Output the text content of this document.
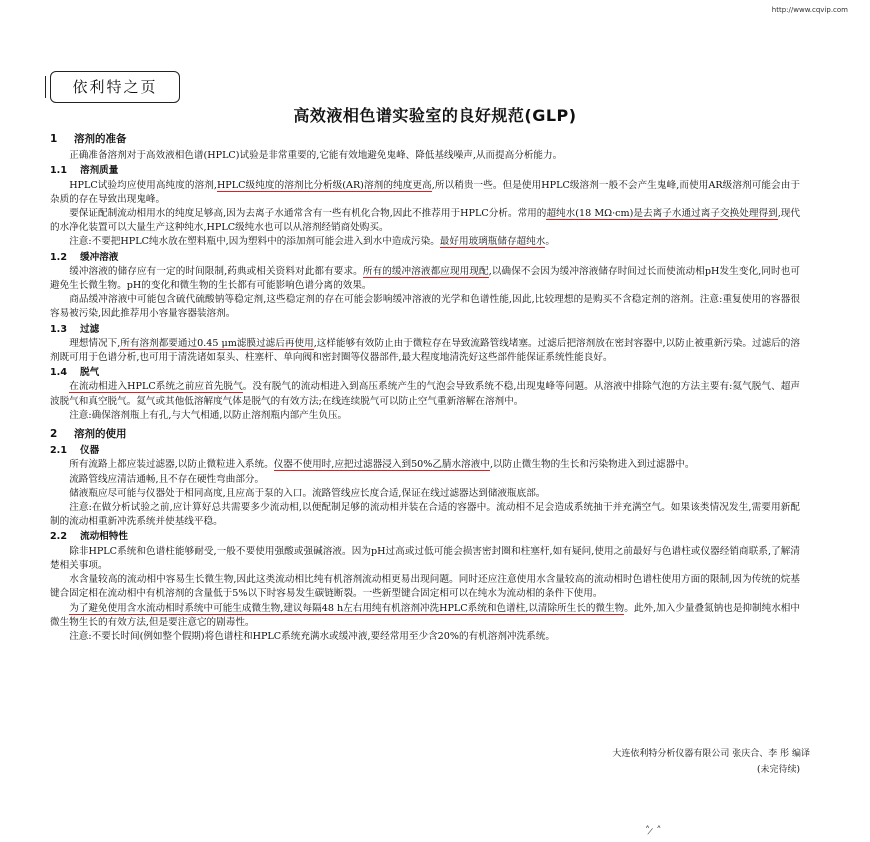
http://www.cqvip.com
依利特之页
高效液相色谱实验室的良好规范(GLP)
1 溶剂的准备
正确准备溶剂对于高效液相色谱(HPLC)试验是非常重要的,它能有效地避免鬼峰、降低基线噪声,从而提高分析能力。
1.1 溶剂质量
HPLC试验均应使用高纯度的溶剂,HPLC级纯度的溶剂比分析级(AR)溶剂的纯度更高,所以稍贵一些。但是使用HPLC级溶剂一般不会产生鬼峰,而使用AR级溶剂可能会由于杂质的存在导致出现鬼峰。
要保证配制流动相用水的纯度足够高,因为去离子水通常含有一些有机化合物,因此不推荐用于HPLC分析。常用的超纯水(18 MΩ·cm)是去离子水通过离子交换处理得到,现代的水净化装置可以大量生产这种纯水,HPLC级纯水也可以从溶剂经销商处购买。
注意:不要把HPLC纯水放在塑料瓶中,因为塑料中的添加剂可能会进入到水中造成污染。最好用玻璃瓶储存超纯水。
1.2 缓冲溶液
缓冲溶液的储存应有一定的时间限制,药典或相关资料对此都有要求。所有的缓冲溶液都应现用现配,以确保不会因为缓冲溶液储存时间过长而使流动相pH发生变化,同时也可避免生长微生物。pH的变化和微生物的生长都有可能影响色谱分离的效果。
商品缓冲溶液中可能包含硫代硫酸钠等稳定剂,这些稳定剂的存在可能会影响缓冲溶液的光学和色谱性能,因此,比较理想的是购买不含稳定剂的溶剂。注意:重复使用的容器很容易被污染,因此推荐用小容量容器装溶剂。
1.3 过滤
理想情况下,所有溶剂都要通过0.45 μm滤膜过滤后再使用,这样能够有效防止由于微粒存在导致流路管线堵塞。过滤后把溶剂放在密封容器中,以防止被重新污染。过滤后的溶剂既可用于色谱分析,也可用于清洗诸如泵头、柱塞杆、单向阀和密封圈等仪器部件,最大程度地清洗好这些部件能保证系统性能良好。
1.4 脱气
在流动相进入HPLC系统之前应首先脱气。没有脱气的流动相进入到高压系统产生的气泡会导致系统不稳,出现鬼峰等问题。从溶液中排除气泡的方法主要有:氦气脱气、超声波脱气和真空脱气。氦气或其他低溶解度气体是脱气的有效方法;在线连续脱气可以防止空气重新溶解在溶剂中。
注意:确保溶剂瓶上有孔,与大气相通,以防止溶剂瓶内部产生负压。
2 溶剂的使用
2.1 仪器
所有流路上都应装过滤器,以防止微粒进入系统。仪器不使用时,应把过滤器浸入到50%乙腈水溶液中,以防止微生物的生长和污染物进入到过滤器中。
流路管线应清洁通畅,且不存在硬性弯曲部分。
储液瓶应尽可能与仪器处于相同高度,且应高于泵的入口。流路管线应长度合适,保证在线过滤器达到储液瓶底部。
注意:在做分析试验之前,应计算好总共需要多少流动相,以便配制足够的流动相并装在合适的容器中。流动相不足会造成系统抽干并充满空气。如果该类情况发生,需要用新配制的流动相重新冲洗系统并使基线平稳。
2.2 流动相特性
除非HPLC系统和色谱柱能够耐受,一般不要使用强酸或强碱溶液。因为pH过高或过低可能会损害密封圈和柱塞杆,如有疑问,使用之前最好与色谱柱或仪器经销商联系,了解清楚相关事项。
水含量较高的流动相中容易生长微生物,因此这类流动相比纯有机溶剂流动相更易出现问题。同时还应注意使用水含量较高的流动相时色谱柱使用方面的限制,因为传统的烷基键合固定相在流动相中有机溶剂的含量低于5%以下时容易发生碳链断裂。一些新型键合固定相可以在纯水为流动相的条件下使用。
为了避免使用含水流动相时系统中可能生成微生物,建议每隔48 h左右用纯有机溶剂冲洗HPLC系统和色谱柱,以清除所生长的微生物。此外,加入少量叠氮钠也是抑制纯水相中微生物生长的有效方法,但是要注意它的剧毒性。
注意:不要长时间(例如整个假期)将色谱柱和HPLC系统充满水或缓冲液,要经常用至少含20%的有机溶剂冲洗系统。
大连依利特分析仪器有限公司 张庆合、李 彤 编译
(未完待续)
˄ ̷ ˄
